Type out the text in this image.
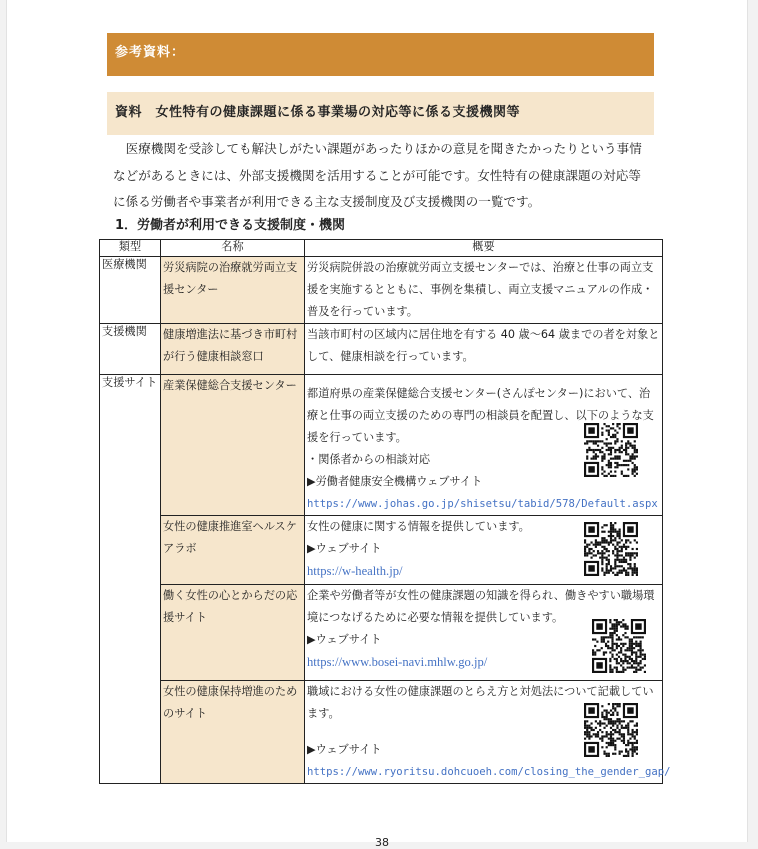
参考資料：
資料　女性特有の健康課題に係る事業場の対応等に係る支援機関等

医療機関を受診しても解決しがたい課題があったりほかの意見を聞きたかったりという事情などがあるときには、外部支援機関を活用することが可能です。女性特有の健康課題の対応等に係る労働者や事業者が利用できる主な支援制度及び支援機関の一覧です。

1．労働者が利用できる支援制度・機関
類型	名称	概要
医療機関	労災病院の治療就労両立支援センター	労災病院併設の治療就労両立支援センターでは、治療と仕事の両立支援を実施するとともに、事例を集積し、両立支援マニュアルの作成・普及を行っています。
支援機関	健康増進法に基づき市町村が行う健康相談窓口	当該市町村の区域内に居住地を有する 40 歳～64 歳までの者を対象として、健康相談を行っています。
支援サイト	産業保健総合支援センター	都道府県の産業保健総合支援センター(さんぽセンター)において、治療と仕事の両立支援のための専門の相談員を配置し、以下のような支援を行っています。
・関係者からの相談対応
▶労働者健康安全機構ウェブサイト
https://www.johas.go.jp/shisetsu/tabid/578/Default.aspx

	女性の健康推進室ヘルスケアラボ	女性の健康に関する情報を提供しています。
▶ウェブサイト
https://w-health.jp/

	働く女性の心とからだの応援サイト	企業や労働者等が女性の健康課題の知識を得られ、働きやすい職場環境につなげるために必要な情報を提供しています。
▶ウェブサイト
https://www.bosei-navi.mhlw.go.jp/

	女性の健康保持増進のためのサイト	職域における女性の健康課題のとらえ方と対処法について記載しています。
▶ウェブサイト
https://www.ryoritsu.dohcuoeh.com/closing_the_gender_gap/
38
